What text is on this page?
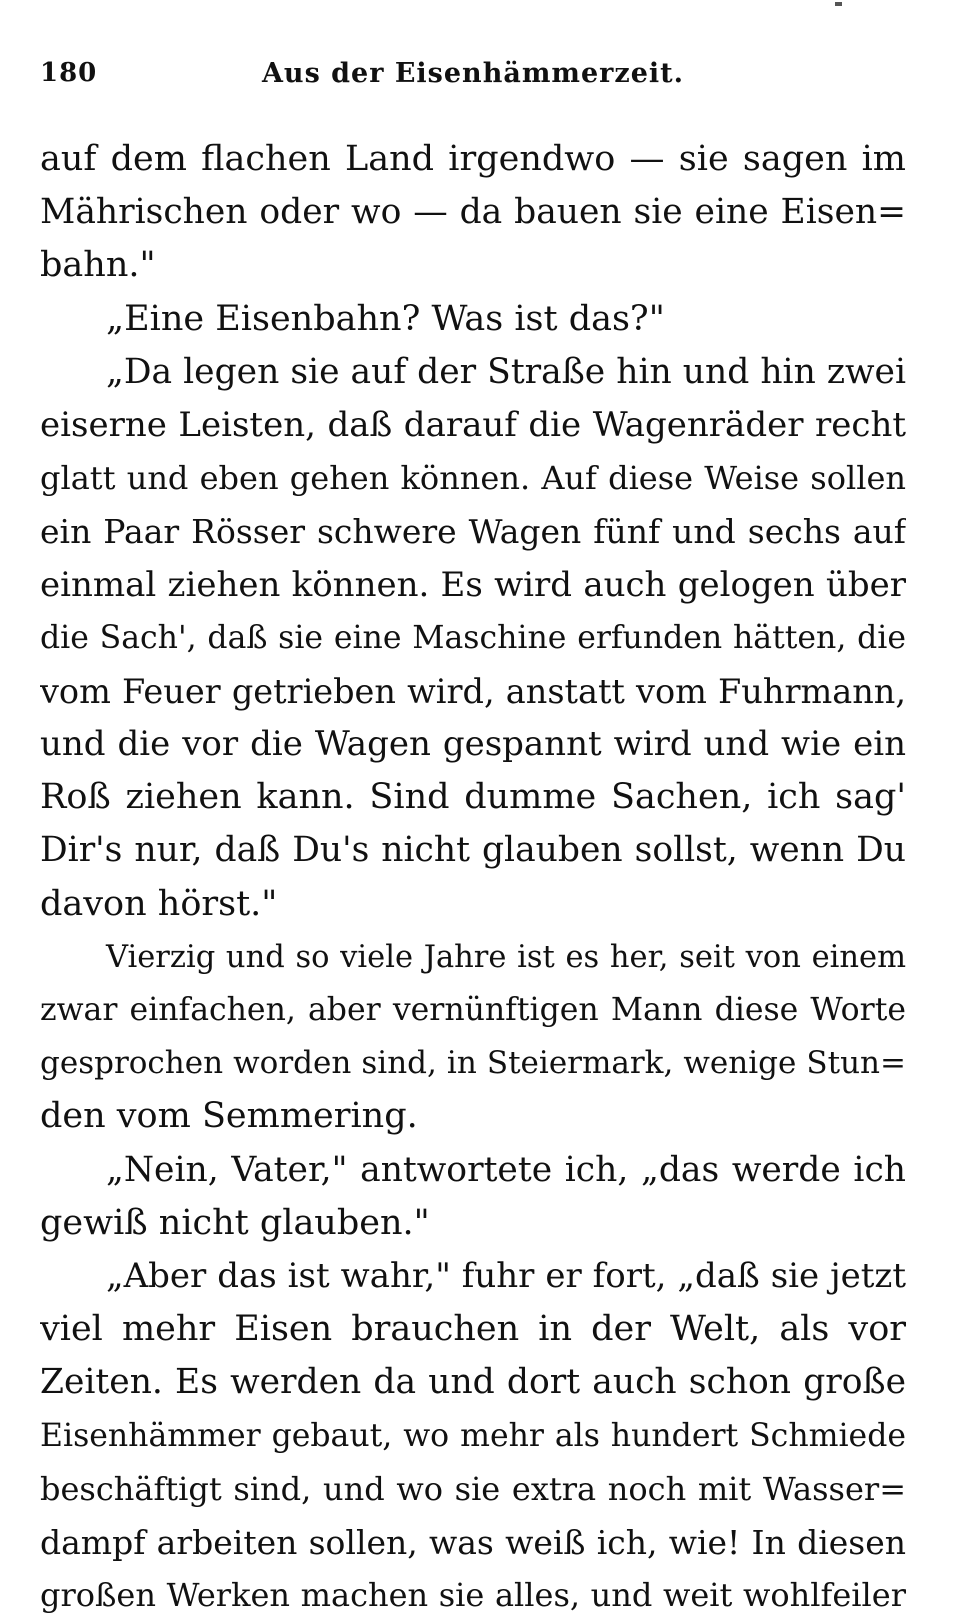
180	Aus der Eisenhämmerzeit.
auf dem flachen Land irgendwo — sie sagen im
Mährischen oder wo — da bauen sie eine Eisen=
bahn."
„Eine Eisenbahn? Was ist das?"
„Da legen sie auf der Straße hin und hin zwei
eiserne Leisten, daß darauf die Wagenräder recht
glatt und eben gehen können. Auf diese Weise sollen
ein Paar Rösser schwere Wagen fünf und sechs auf
einmal ziehen können. Es wird auch gelogen über
die Sach', daß sie eine Maschine erfunden hätten, die
vom Feuer getrieben wird, anstatt vom Fuhrmann,
und die vor die Wagen gespannt wird und wie ein
Roß ziehen kann. Sind dumme Sachen, ich sag'
Dir's nur, daß Du's nicht glauben sollst, wenn Du
davon hörst."
Vierzig und so viele Jahre ist es her, seit von einem
zwar einfachen, aber vernünftigen Mann diese Worte
gesprochen worden sind, in Steiermark, wenige Stun=
den vom Semmering.
„Nein, Vater," antwortete ich, „das werde ich
gewiß nicht glauben."
„Aber das ist wahr," fuhr er fort, „daß sie jetzt
viel mehr Eisen brauchen in der Welt, als vor
Zeiten. Es werden da und dort auch schon große
Eisenhämmer gebaut, wo mehr als hundert Schmiede
beschäftigt sind, und wo sie extra noch mit Wasser=
dampf arbeiten sollen, was weiß ich, wie! In diesen
großen Werken machen sie alles, und weit wohlfeiler
